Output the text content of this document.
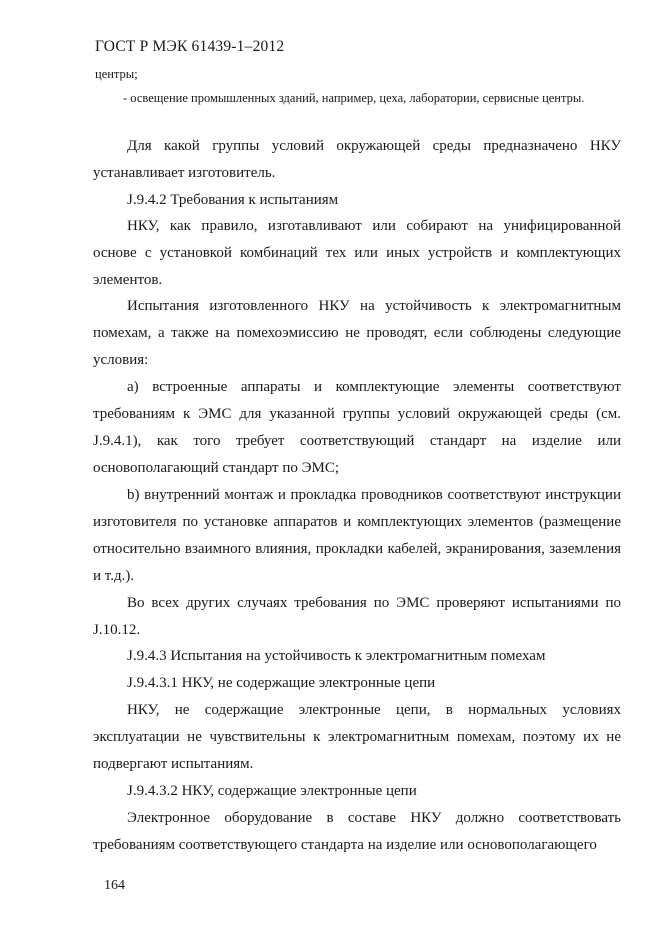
ГОСТ Р МЭК 61439-1–2012
центры;
- освещение промышленных зданий, например, цеха, лаборатории, сервисные центры.
Для какой группы условий окружающей среды предназначено НКУ устанавливает изготовитель.
J.9.4.2 Требования к испытаниям
НКУ, как правило, изготавливают или собирают на унифицированной основе с установкой комбинаций тех или иных устройств и комплектующих элементов.
Испытания изготовленного НКУ на устойчивость к электромагнитным помехам, а также на помехоэмиссию не проводят, если соблюдены следующие условия:
а) встроенные аппараты и комплектующие элементы соответствуют требованиям к ЭМС для указанной группы условий окружающей среды (см. J.9.4.1), как того требует соответствующий стандарт на изделие или основополагающий стандарт по ЭМС;
b) внутренний монтаж и прокладка проводников соответствуют инструкции изготовителя по установке аппаратов и комплектующих элементов (размещение относительно взаимного влияния, прокладки кабелей, экранирования, заземления и т.д.).
Во всех других случаях требования по ЭМС проверяют испытаниями по J.10.12.
J.9.4.3 Испытания на устойчивость к электромагнитным помехам
J.9.4.3.1 НКУ, не содержащие электронные цепи
НКУ, не содержащие электронные цепи, в нормальных условиях эксплуатации не чувствительны к электромагнитным помехам, поэтому их не подвергают испытаниям.
J.9.4.3.2 НКУ, содержащие электронные цепи
Электронное оборудование в составе НКУ должно соответствовать требованиям соответствующего стандарта на изделие или основополагающего
164
